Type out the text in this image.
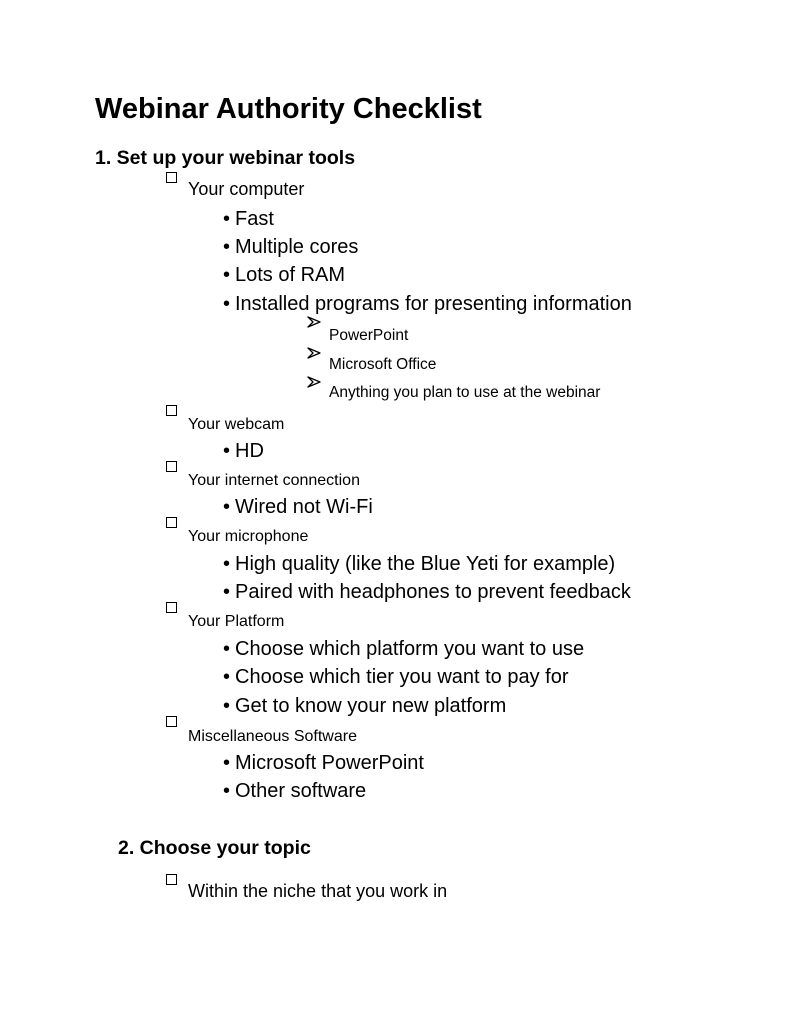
Webinar Authority Checklist
1. Set up your webinar tools
Your computer
• Fast
• Multiple cores
• Lots of RAM
• Installed programs for presenting information
PowerPoint
Microsoft Office
Anything you plan to use at the webinar
Your webcam
• HD
Your internet connection
• Wired not Wi-Fi
Your microphone
• High quality (like the Blue Yeti for example)
• Paired with headphones to prevent feedback
Your Platform
• Choose which platform you want to use
• Choose which tier you want to pay for
• Get to know your new platform
Miscellaneous Software
• Microsoft PowerPoint
• Other software
2. Choose your topic
Within the niche that you work in
